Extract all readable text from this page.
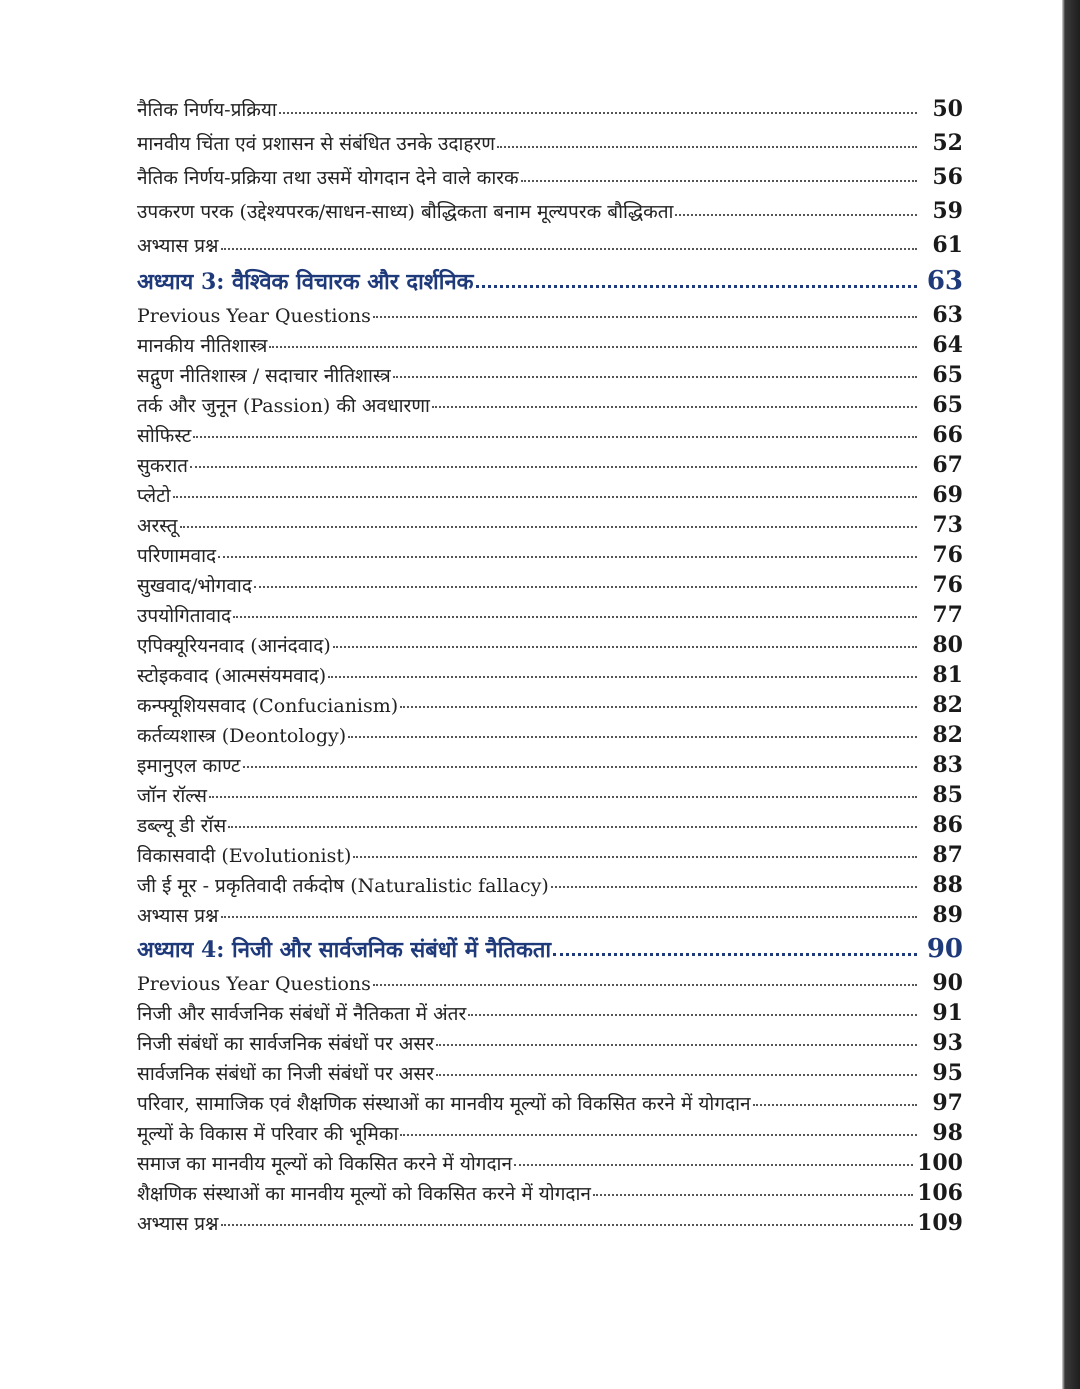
नैतिक निर्णय-प्रक्रिया	50
मानवीय चिंता एवं प्रशासन से संबंधित उनके उदाहरण	52
नैतिक निर्णय-प्रक्रिया तथा उसमें योगदान देने वाले कारक	56
उपकरण परक (उद्देश्यपरक/साधन-साध्य) बौद्धिकता बनाम मूल्यपरक बौद्धिकता	59
अभ्यास प्रश्न	61
अध्याय 3: वैश्विक विचारक और दार्शनिक	63
Previous Year Questions	63
मानकीय नीतिशास्त्र	64
सद्गुण नीतिशास्त्र / सदाचार नीतिशास्त्र	65
तर्क और जुनून (Passion) की अवधारणा	65
सोफिस्ट	66
सुकरात	67
प्लेटो	69
अरस्तू	73
परिणामवाद	76
सुखवाद/भोगवाद	76
उपयोगितावाद	77
एपिक्यूरियनवाद (आनंदवाद)	80
स्टोइकवाद (आत्मसंयमवाद)	81
कन्फ्यूशियसवाद (Confucianism)	82
कर्तव्यशास्त्र (Deontology)	82
इमानुएल काण्ट	83
जॉन रॉल्स	85
डब्ल्यू डी रॉस	86
विकासवादी (Evolutionist)	87
जी ई मूर - प्रकृतिवादी तर्कदोष (Naturalistic fallacy)	88
अभ्यास प्रश्न	89
अध्याय 4: निजी और सार्वजनिक संबंधों में नैतिकता	90
Previous Year Questions	90
निजी और सार्वजनिक संबंधों में नैतिकता में अंतर	91
निजी संबंधों का सार्वजनिक संबंधों पर असर	93
सार्वजनिक संबंधों का निजी संबंधों पर असर	95
परिवार, सामाजिक एवं शैक्षणिक संस्थाओं का मानवीय मूल्यों को विकसित करने में योगदान	97
मूल्यों के विकास में परिवार की भूमिका	98
समाज का मानवीय मूल्यों को विकसित करने में योगदान	100
शैक्षणिक संस्थाओं का मानवीय मूल्यों को विकसित करने में योगदान	106
अभ्यास प्रश्न	109
